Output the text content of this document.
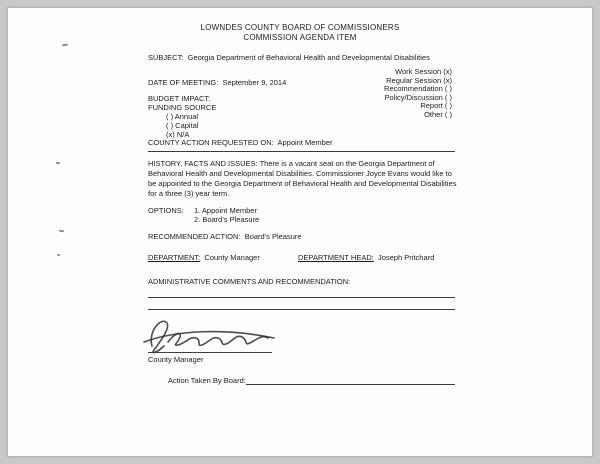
LOWNDES COUNTY BOARD OF COMMISSIONERS
COMMISSION AGENDA ITEM
SUBJECT: Georgia Department of Behavioral Health and Developmental Disabilities
Work Session (x)
Regular Session (x)
Recommendation ( )
Policy/Discussion ( )
Report ( )
Other ( )
DATE OF MEETING: September 9, 2014
BUDGET IMPACT:
FUNDING SOURCE
( ) Annual
( ) Capital
(x) N/A
COUNTY ACTION REQUESTED ON: Appoint Member
HISTORY, FACTS AND ISSUES: There is a vacant seat on the Georgia Department of Behavioral Health and Developmental Disabilities. Commissioner Joyce Evans would like to be appointed to the Georgia Department of Behavioral Health and Developmental Disabilities for a three (3) year term.
OPTIONS: 1. Appoint Member
2. Board's Pleasure
RECOMMENDED ACTION: Board's Pleasure
DEPARTMENT: County Manager	DEPARTMENT HEAD: Joseph Pritchard
ADMINISTRATIVE COMMENTS AND RECOMMENDATION:
County Manager
Action Taken By Board:
